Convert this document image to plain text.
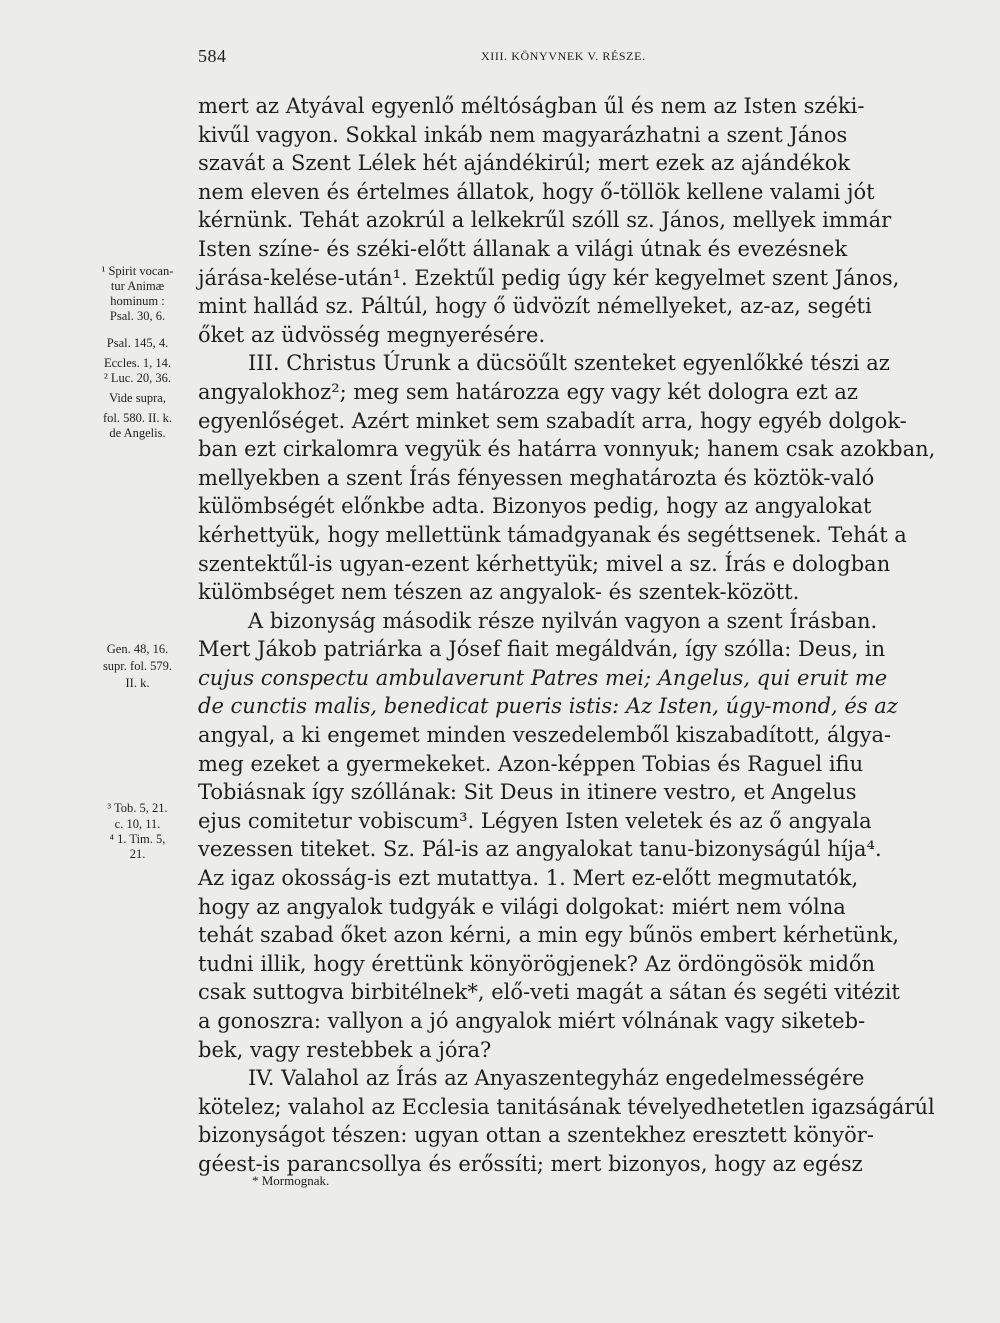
584	XIII. KÖNYVNEK V. RÉSZE.
¹ Spirit vocan-
tur Animæ
hominum :
Psal. 30, 6.
Psal. 145, 4.
Eccles. 1, 14.
² Luc. 20, 36.
Vide supra,
fol. 580. II. k.
de Angelis.
Gen. 48, 16.
supr. fol. 579.
II. k.
³ Tob. 5, 21.
c. 10, 11.
⁴ 1. Tim. 5,
21.
mert az Atyával egyenlő méltóságban űl és nem az Isten széki-
kivűl vagyon. Sokkal inkáb nem magyarázhatni a szent János
szavát a Szent Lélek hét ajándékirúl; mert ezek az ajándékok
nem eleven és értelmes állatok, hogy ő-töllök kellene valami jót
kérnünk. Tehát azokrúl a lelkekrűl szóll sz. János, mellyek immár
Isten színe- és széki-előtt állanak a világi útnak és evezésnek
járása-kelése-után¹. Ezektűl pedig úgy kér kegyelmet szent János,
mint hallád sz. Páltúl, hogy ő üdvözít némellyeket, az-az, segéti
őket az üdvösség megnyerésére.
III. Christus Úrunk a dücsöűlt szenteket egyenlőkké tészi az
angyalokhoz²; meg sem határozza egy vagy két dologra ezt az
egyenlőséget. Azért minket sem szabadít arra, hogy egyéb dolgok-
ban ezt cirkalomra vegyük és határra vonnyuk; hanem csak azokban,
mellyekben a szent Írás fényessen meghatározta és köztök-való
külömbségét előnkbe adta. Bizonyos pedig, hogy az angyalokat
kérhettyük, hogy mellettünk támadgyanak és segéttsenek. Tehát a
szentektűl-is ugyan-ezent kérhettyük; mivel a sz. Írás e dologban
külömbséget nem tészen az angyalok- és szentek-között.
A bizonyság második része nyilván vagyon a szent Írásban.
Mert Jákob patriárka a Jósef fiait megáldván, így szólla: Deus, in
cujus conspectu ambulaverunt Patres mei; Angelus, qui eruit me
de cunctis malis, benedicat pueris istis: Az Isten, úgy-mond, és az
angyal, a ki engemet minden veszedelemből kiszabadított, álgya-
meg ezeket a gyermekeket. Azon-képpen Tobias és Raguel ifiu
Tobiásnak így szóllának: Sit Deus in itinere vestro, et Angelus
ejus comitetur vobiscum³. Légyen Isten veletek és az ő angyala
vezessen titeket. Sz. Pál-is az angyalokat tanu-bizonyságúl híja⁴.
Az igaz okosság-is ezt mutattya. 1. Mert ez-előtt megmutatók,
hogy az angyalok tudgyák e világi dolgokat: miért nem vólna
tehát szabad őket azon kérni, a min egy bűnös embert kérhetünk,
tudni illik, hogy érettünk könyörögjenek? Az ördöngösök midőn
csak suttogva birbitélnek*, elő-veti magát a sátan és segéti vitézit
a gonoszra: vallyon a jó angyalok miért vólnának vagy siketeb-
bek, vagy restebbek a jóra?
IV. Valahol az Írás az Anyaszentegyház engedelmességére
kötelez; valahol az Ecclesia tanitásának tévelyedhetetlen igazságárúl
bizonyságot tészen: ugyan ottan a szentekhez eresztett könyör-
géest-is parancsollya és erőssíti; mert bizonyos, hogy az egész
* Mormognak.
